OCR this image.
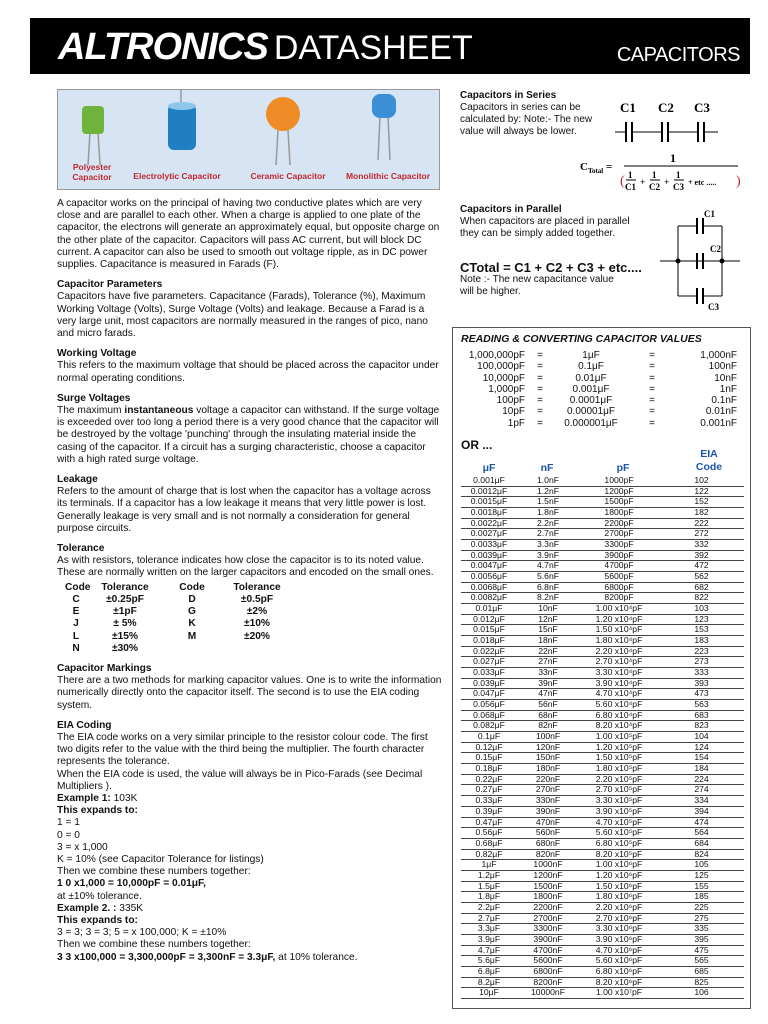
ALTRONICS DATASHEET	CAPACITORS
Polyester Capacitor	Electrolytic Capacitor	Ceramic Capacitor	Monolithic Capacitor

A capacitor works on the principal of having two conductive plates which are very close and are parallel to each other. When a charge is applied to one plate of the capacitor, the electrons will generate an approximately equal, but opposite charge on the other plate of the capacitor. Capacitors will pass AC current, but will block DC current. A capacitor can also be used to smooth out voltage ripple, as in DC power supplies. Capacitance is measured in Farads (F).

Capacitor Parameters

Capacitors have five parameters. Capacitance (Farads), Tolerance (%), Maximum Working Voltage (Volts), Surge Voltage (Volts) and leakage. Because a Farad is a very large unit, most capacitors are normally measured in the ranges of pico, nano and micro farads.

Working Voltage

This refers to the maximum voltage that should be placed across the capacitor under normal operating conditions.

Surge Voltages

The maximum instantaneous voltage a capacitor can withstand. If the surge voltage is exceeded over too long a period there is a very good chance that the capacitor will be destroyed by the voltage 'punching' through the insulating material inside the casing of the capacitor. If a circuit has a surging characteristic, choose a capacitor with a high rated surge voltage.

Leakage

Refers to the amount of charge that is lost when the capacitor has a voltage across its terminals. If a capacitor has a low leakage it means that very little power is lost. Generally leakage is very small and is not normally a consideration for general purpose circuits.

Tolerance

As with resistors, tolerance indicates how close the capacitor is to its noted value. These are normally written on the larger capacitors and encoded on the small ones.

Code	Tolerance	Code	Tolerance
C	±0.25pF	D	±0.5pF
E	±1pF	G	±2%
J	± 5%	K	±10%
L	±15%	M	±20%
N	±30%
Capacitor Markings

There are a two methods for marking capacitor values. One is to write the information numerically directly onto the capacitor itself. The second is to use the EIA coding system.

EIA Coding
The EIA code works on a very similar principle to the resistor colour code. The first two digits refer to the value with the third being the multiplier. The fourth character represents the tolerance.
When the EIA code is used, the value will always be in Pico-Farads (see Decimal Multipliers ).
Example 1: 103K
This expands to:
1 = 1
0 = 0
3 = x 1,000
K = 10% (see Capacitor Tolerance for listings)
Then we combine these numbers together:
1 0 x1,000 = 10,000pF = 0.01μF,
at ±10% tolerance.
Example 2. : 335K
This expands to:
3 = 3; 3 = 3; 5 = x 100,000; K = ±10%
Then we combine these numbers together:
3 3 x100,000 = 3,300,000pF = 3,300nF = 3.3μF, at 10% tolerance.
Capacitors in Series
Capacitors in series can be calculated by: Note:- The new value will always be lower.
C1 C2 C3
$C_{Total}$ =
1
( 1
C1 +
1
C2 +
1
C3 + etc ..... )
Capacitors in Parallel
When capacitors are placed in parallel they can be simply added together.
CTotal = C1 + C2 + C3 + etc....
Note :- The new capacitance value will be higher.
C1
C2
C3
READING & CONVERTING CAPACITOR VALUES
1,000,000pF	=	1μF	=	1,000nF
100,000pF	=	0.1μF	=	100nF
10,000pF	=	0.01μF	=	10nF
1,000pF	=	0.001μF	=	1nF
100pF	=	0.0001μF	=	0.1nF
10pF	=	0.00001μF	=	0.01nF
1pF	=	0.000001μF	=	0.001nF
OR ...
μF	nF	pF
EIA
Code
0.001μF	1.0nF	1000pF	102
0.0012μF	1.2nF	1200pF	122
0.0015μF	1.5nF	1500pF	152
0.0018μF	1.8nF	1800pF	182
0.0022μF	2.2nF	2200pF	222
0.0027μF	2.7nF	2700pF	272
0.0033μF	3.3nF	3300pF	332
0.0039μF	3.9nF	3900pF	392
0.0047μF	4.7nF	4700pF	472
0.0056μF	5.6nF	5600pF	562
0.0068μF	6.8nF	6800pF	682
0.0082μF	8.2nF	8200pF	822
0.01μF	10nF	1.00 x10⁴pF	103
0.012μF	12nF	1.20 x10⁴pF	123
0.015μF	15nF	1.50 x10⁴pF	153
0.018μF	18nF	1.80 x10⁴pF	183
0.022μF	22nF	2.20 x10⁴pF	223
0.027μF	27nF	2.70 x10⁴pF	273
0.033μF	33nF	3.30 x10⁴pF	333
0.039μF	39nF	3.90 x10⁴pF	393
0.047μF	47nF	4.70 x10⁴pF	473
0.056μF	56nF	5.60 x10⁴pF	563
0.068μF	68nF	6.80 x10⁴pF	683
0.082μF	82nF	8.20 x10⁴pF	823
0.1μF	100nF	1.00 x10⁵pF	104
0.12μF	120nF	1.20 x10⁵pF	124
0.15μF	150nF	1.50 x10⁵pF	154
0.18μF	180nF	1.80 x10⁵pF	184
0.22μF	220nF	2.20 x10⁵pF	224
0.27μF	270nF	2.70 x10⁵pF	274
0.33μF	330nF	3.30 x10⁵pF	334
0.39μF	390nF	3.90 x10⁵pF	394
0.47μF	470nF	4.70 x10⁵pF	474
0.56μF	560nF	5.60 x10⁵pF	564
0.68μF	680nF	6.80 x10⁵pF	684
0.82μF	820nF	8.20 x10⁵pF	824
1μF	1000nF	1.00 x10⁶pF	105
1.2μF	1200nF	1.20 x10⁶pF	125
1.5μF	1500nF	1.50 x10⁶pF	155
1.8μF	1800nF	1.80 x10⁶pF	185
2.2μF	2200nF	2.20 x10⁶pF	225
2.7μF	2700nF	2.70 x10⁶pF	275
3.3μF	3300nF	3.30 x10⁶pF	335
3.9μF	3900nF	3.90 x10⁶pF	395
4.7μF	4700nF	4.70 x10⁶pF	475
5.6μF	5600nF	5.60 x10⁶pF	565
6.8μF	6800nF	6.80 x10⁶pF	685
8.2μF	8200nF	8.20 x10⁶pF	825
10μF	10000nF	1.00 x10⁷pF	106
